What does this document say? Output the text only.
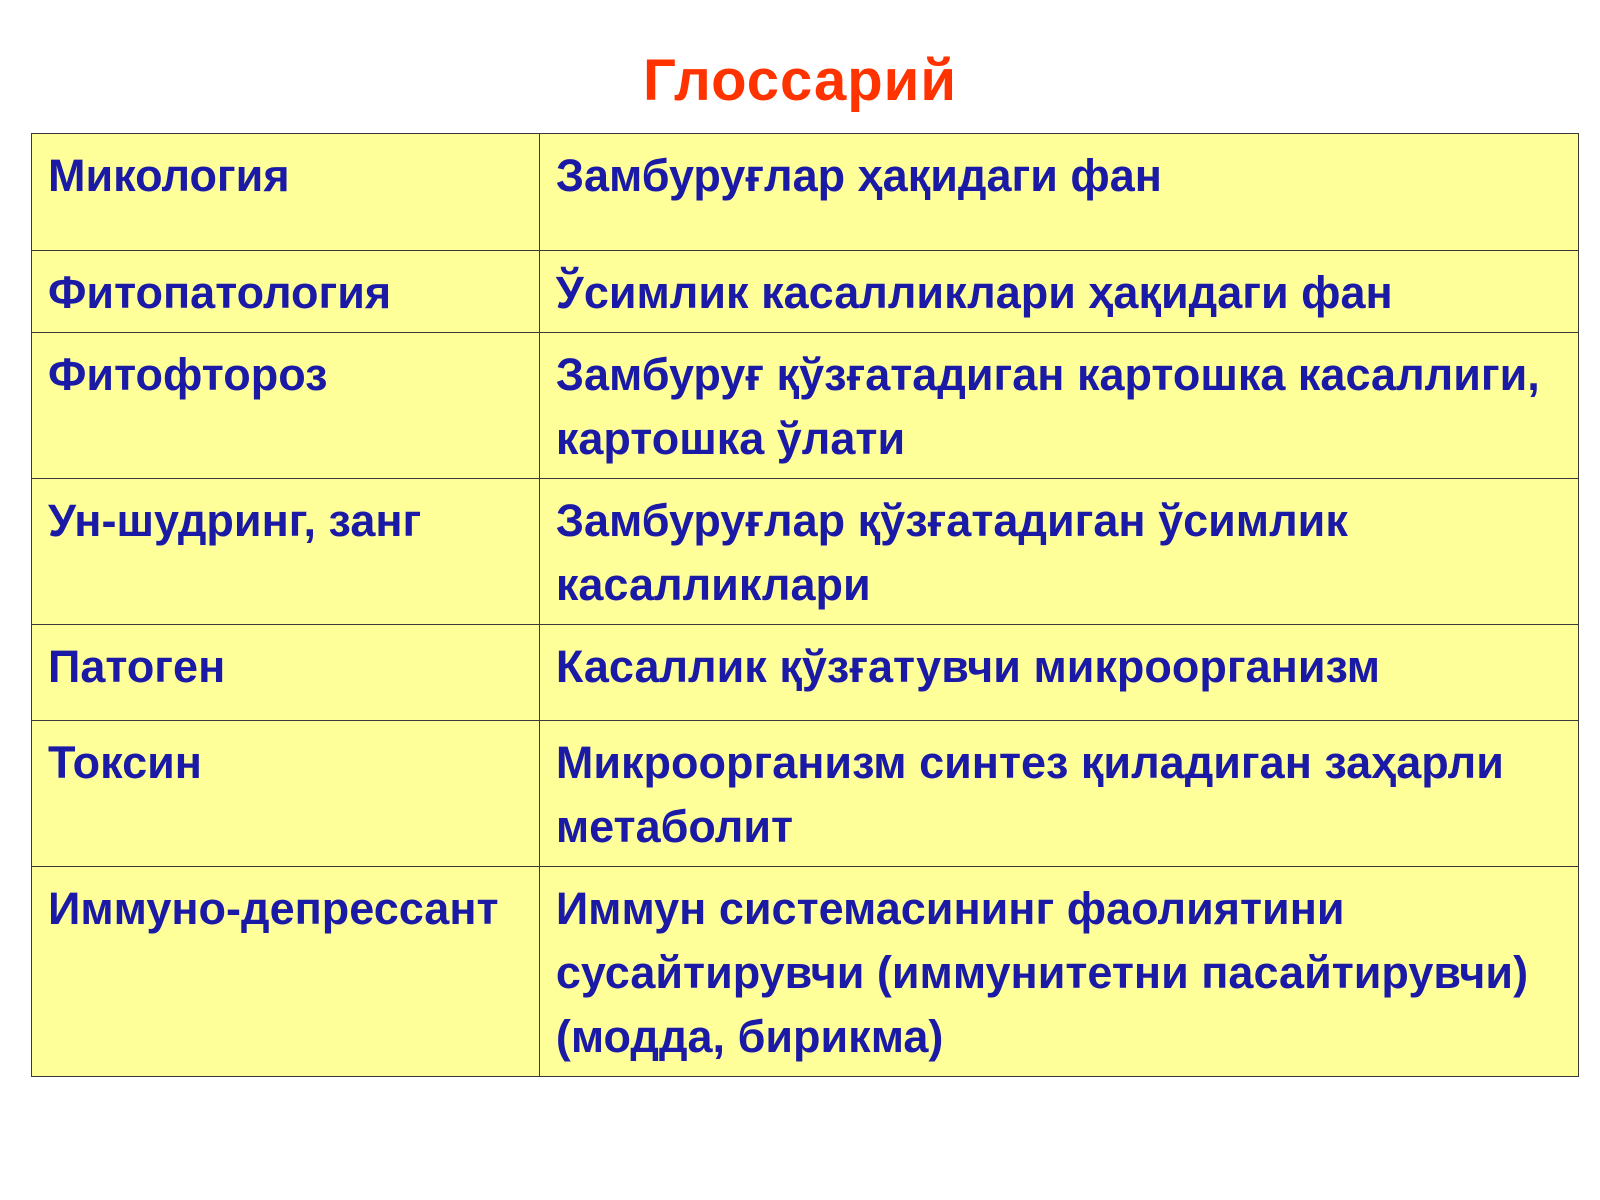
Глоссарий
Микология	Замбуруғлар ҳақидаги фан
Фитопатология	Ўсимлик касалликлари ҳақидаги фан
Фитофтороз	Замбуруғ қўзғатадиган картошка касаллиги, картошка ўлати
Ун-шудринг, занг	Замбуруғлар қўзғатадиган ўсимлик касалликлари
Патоген	Касаллик қўзғатувчи микроорганизм
Токсин	Микроорганизм синтез қиладиган заҳарли метаболит
Иммуно-депрессант	Иммун системасининг фаолиятини сусайтирувчи (иммунитетни пасайтирувчи) (модда, бирикма)
